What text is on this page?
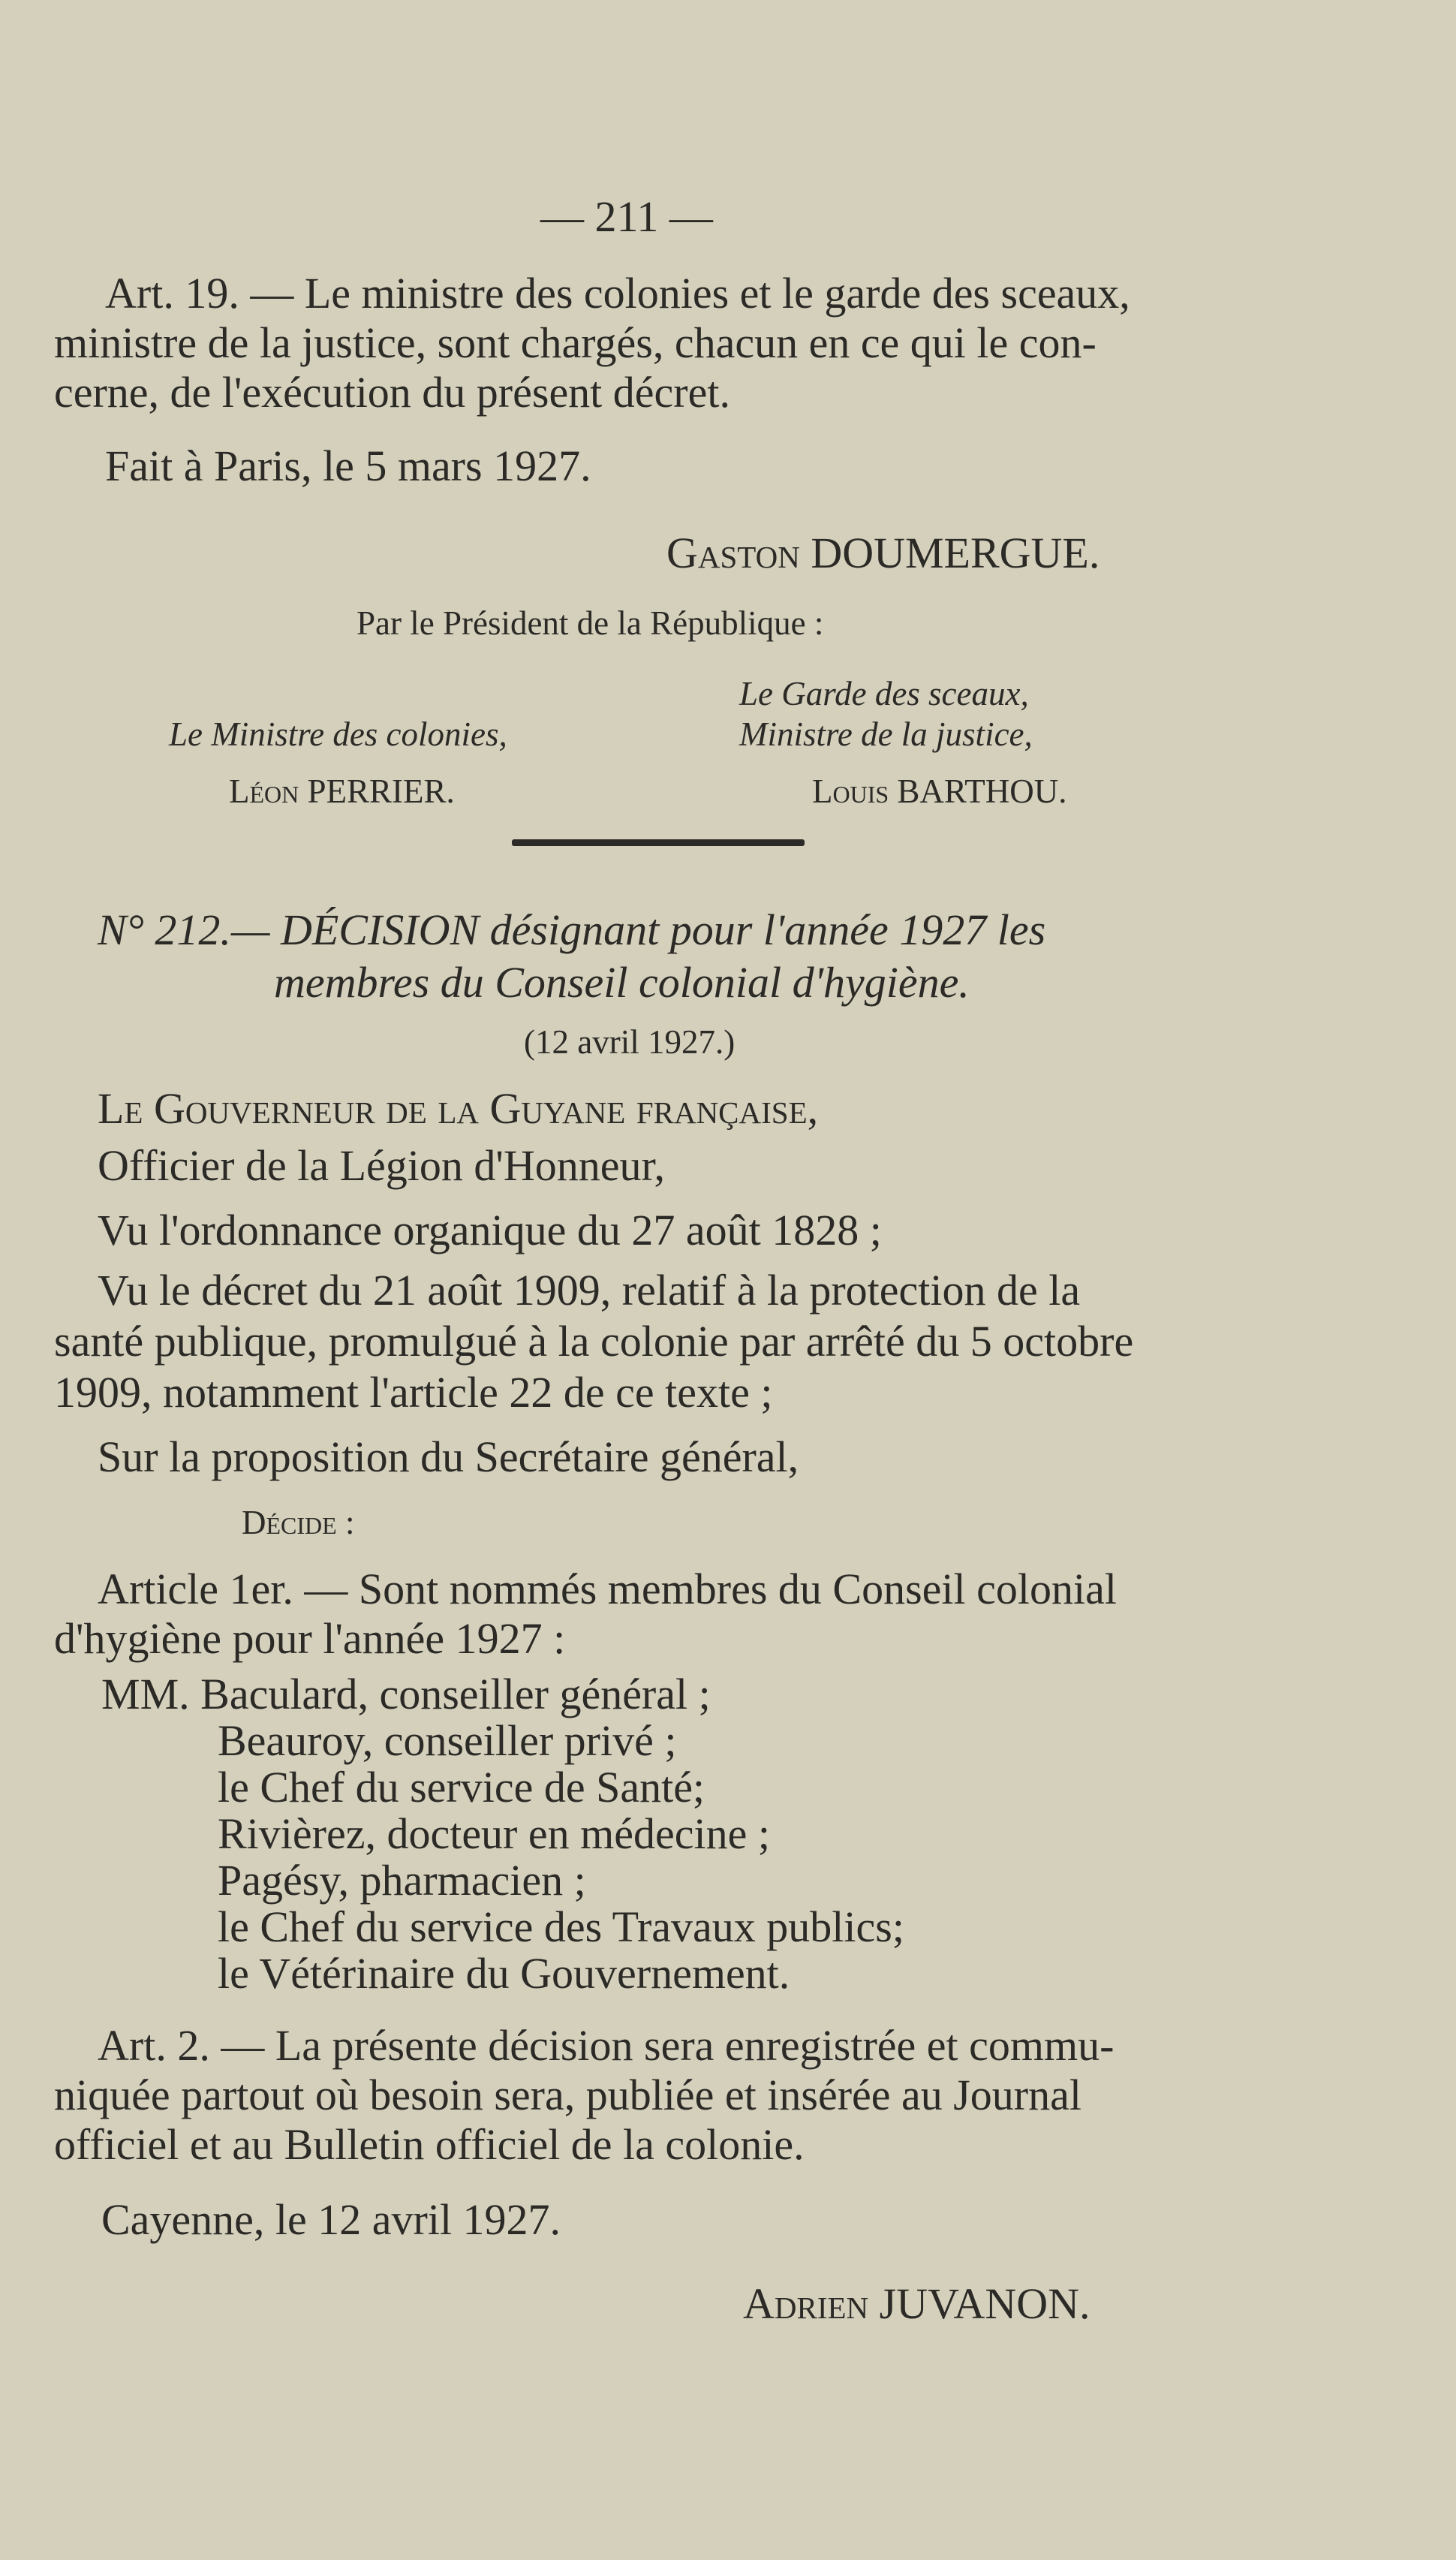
— 211 —
Art. 19. — Le ministre des colonies et le garde des sceaux,
ministre de la justice, sont chargés, chacun en ce qui le con-
cerne, de l'exécution du présent décret.
Fait à Paris, le 5 mars 1927.
Gaston DOUMERGUE.
Par le Président de la République :
Le Garde des sceaux,
Le Ministre des colonies,	Ministre de la justice,
Léon PERRIER.	Louis BARTHOU.
N° 212.— DÉCISION désignant pour l'année 1927 les
membres du Conseil colonial d'hygiène.
(12 avril 1927.)
Le Gouverneur de la Guyane française,
Officier de la Légion d'Honneur,
Vu l'ordonnance organique du 27 août 1828 ;
Vu le décret du 21 août 1909, relatif à la protection de la
santé publique, promulgué à la colonie par arrêté du 5 octobre
1909, notamment l'article 22 de ce texte ;
Sur la proposition du Secrétaire général,
Décide :
Article 1er. — Sont nommés membres du Conseil colonial
d'hygiène pour l'année 1927 :
MM. Baculard, conseiller général ;
Beauroy, conseiller privé ;
le Chef du service de Santé;
Rivièrez, docteur en médecine ;
Pagésy, pharmacien ;
le Chef du service des Travaux publics;
le Vétérinaire du Gouvernement.
Art. 2. — La présente décision sera enregistrée et commu-
niquée partout où besoin sera, publiée et insérée au Journal
officiel et au Bulletin officiel de la colonie.
Cayenne, le 12 avril 1927.
Adrien JUVANON.
